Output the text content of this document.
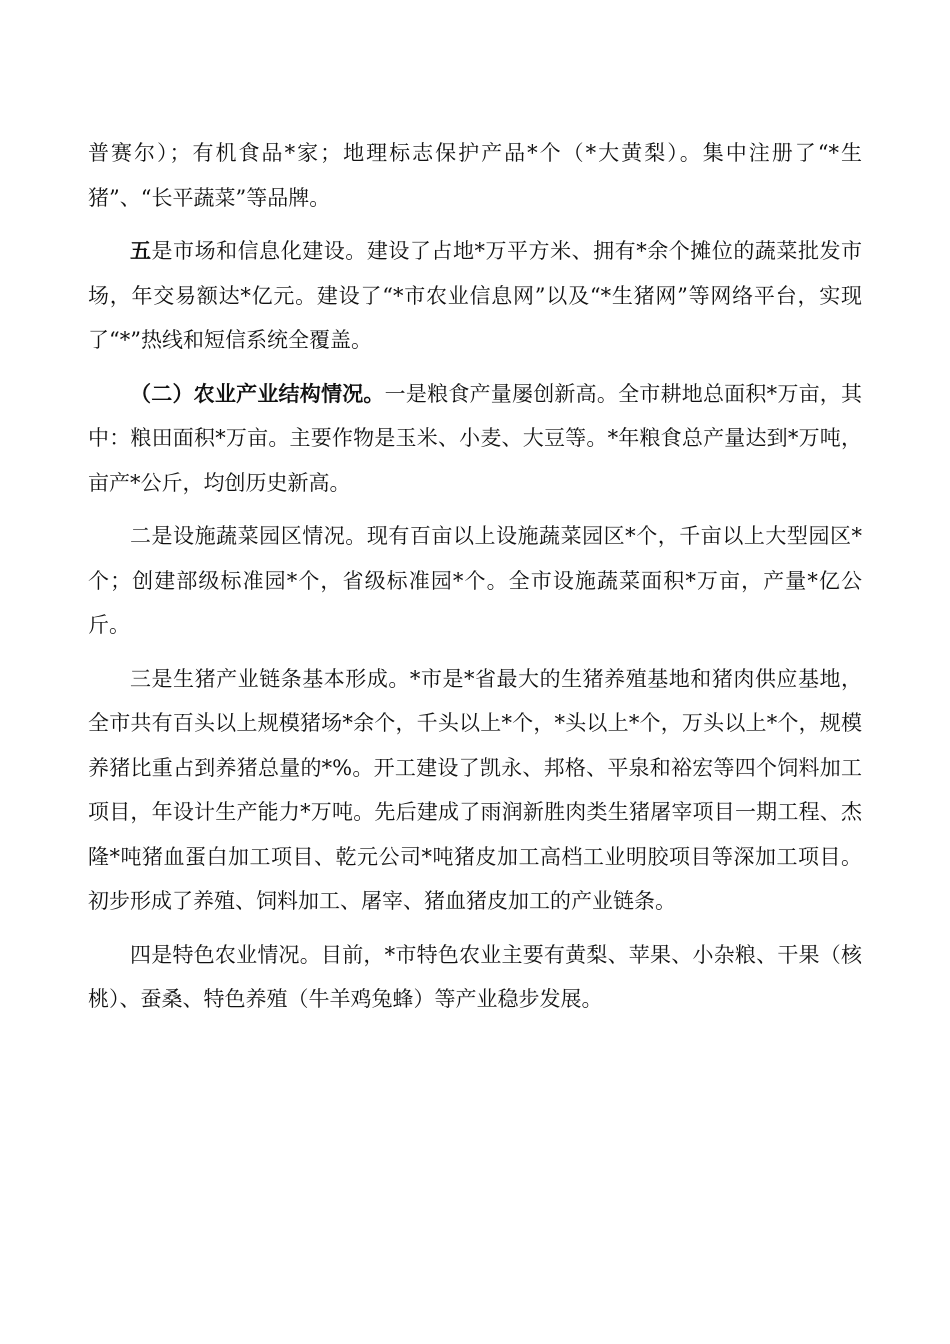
普赛尔）；有机食品*家；地理标志保护产品*个（*大黄梨）。集中注册了“*生猪”、“长平蔬菜”等品牌。

五是市场和信息化建设。建设了占地*万平方米、拥有*余个摊位的蔬菜批发市场，年交易额达*亿元。建设了“*市农业信息网”以及“*生猪网”等网络平台，实现了“*”热线和短信系统全覆盖。

（二）农业产业结构情况。一是粮食产量屡创新高。全市耕地总面积*万亩，其中：粮田面积*万亩。主要作物是玉米、小麦、大豆等。*年粮食总产量达到*万吨，亩产*公斤，均创历史新高。

二是设施蔬菜园区情况。现有百亩以上设施蔬菜园区*个，千亩以上大型园区*个；创建部级标准园*个，省级标准园*个。全市设施蔬菜面积*万亩，产量*亿公斤。

三是生猪产业链条基本形成。*市是*省最大的生猪养殖基地和猪肉供应基地，全市共有百头以上规模猪场*余个，千头以上*个，*头以上*个，万头以上*个，规模养猪比重占到养猪总量的*%。开工建设了凯永、邦格、平泉和裕宏等四个饲料加工项目，年设计生产能力*万吨。先后建成了雨润新胜肉类生猪屠宰项目一期工程、杰隆*吨猪血蛋白加工项目、乾元公司*吨猪皮加工高档工业明胶项目等深加工项目。初步形成了养殖、饲料加工、屠宰、猪血猪皮加工的产业链条。

四是特色农业情况。目前，*市特色农业主要有黄梨、苹果、小杂粮、干果（核桃）、蚕桑、特色养殖（牛羊鸡兔蜂）等产业稳步发展。
